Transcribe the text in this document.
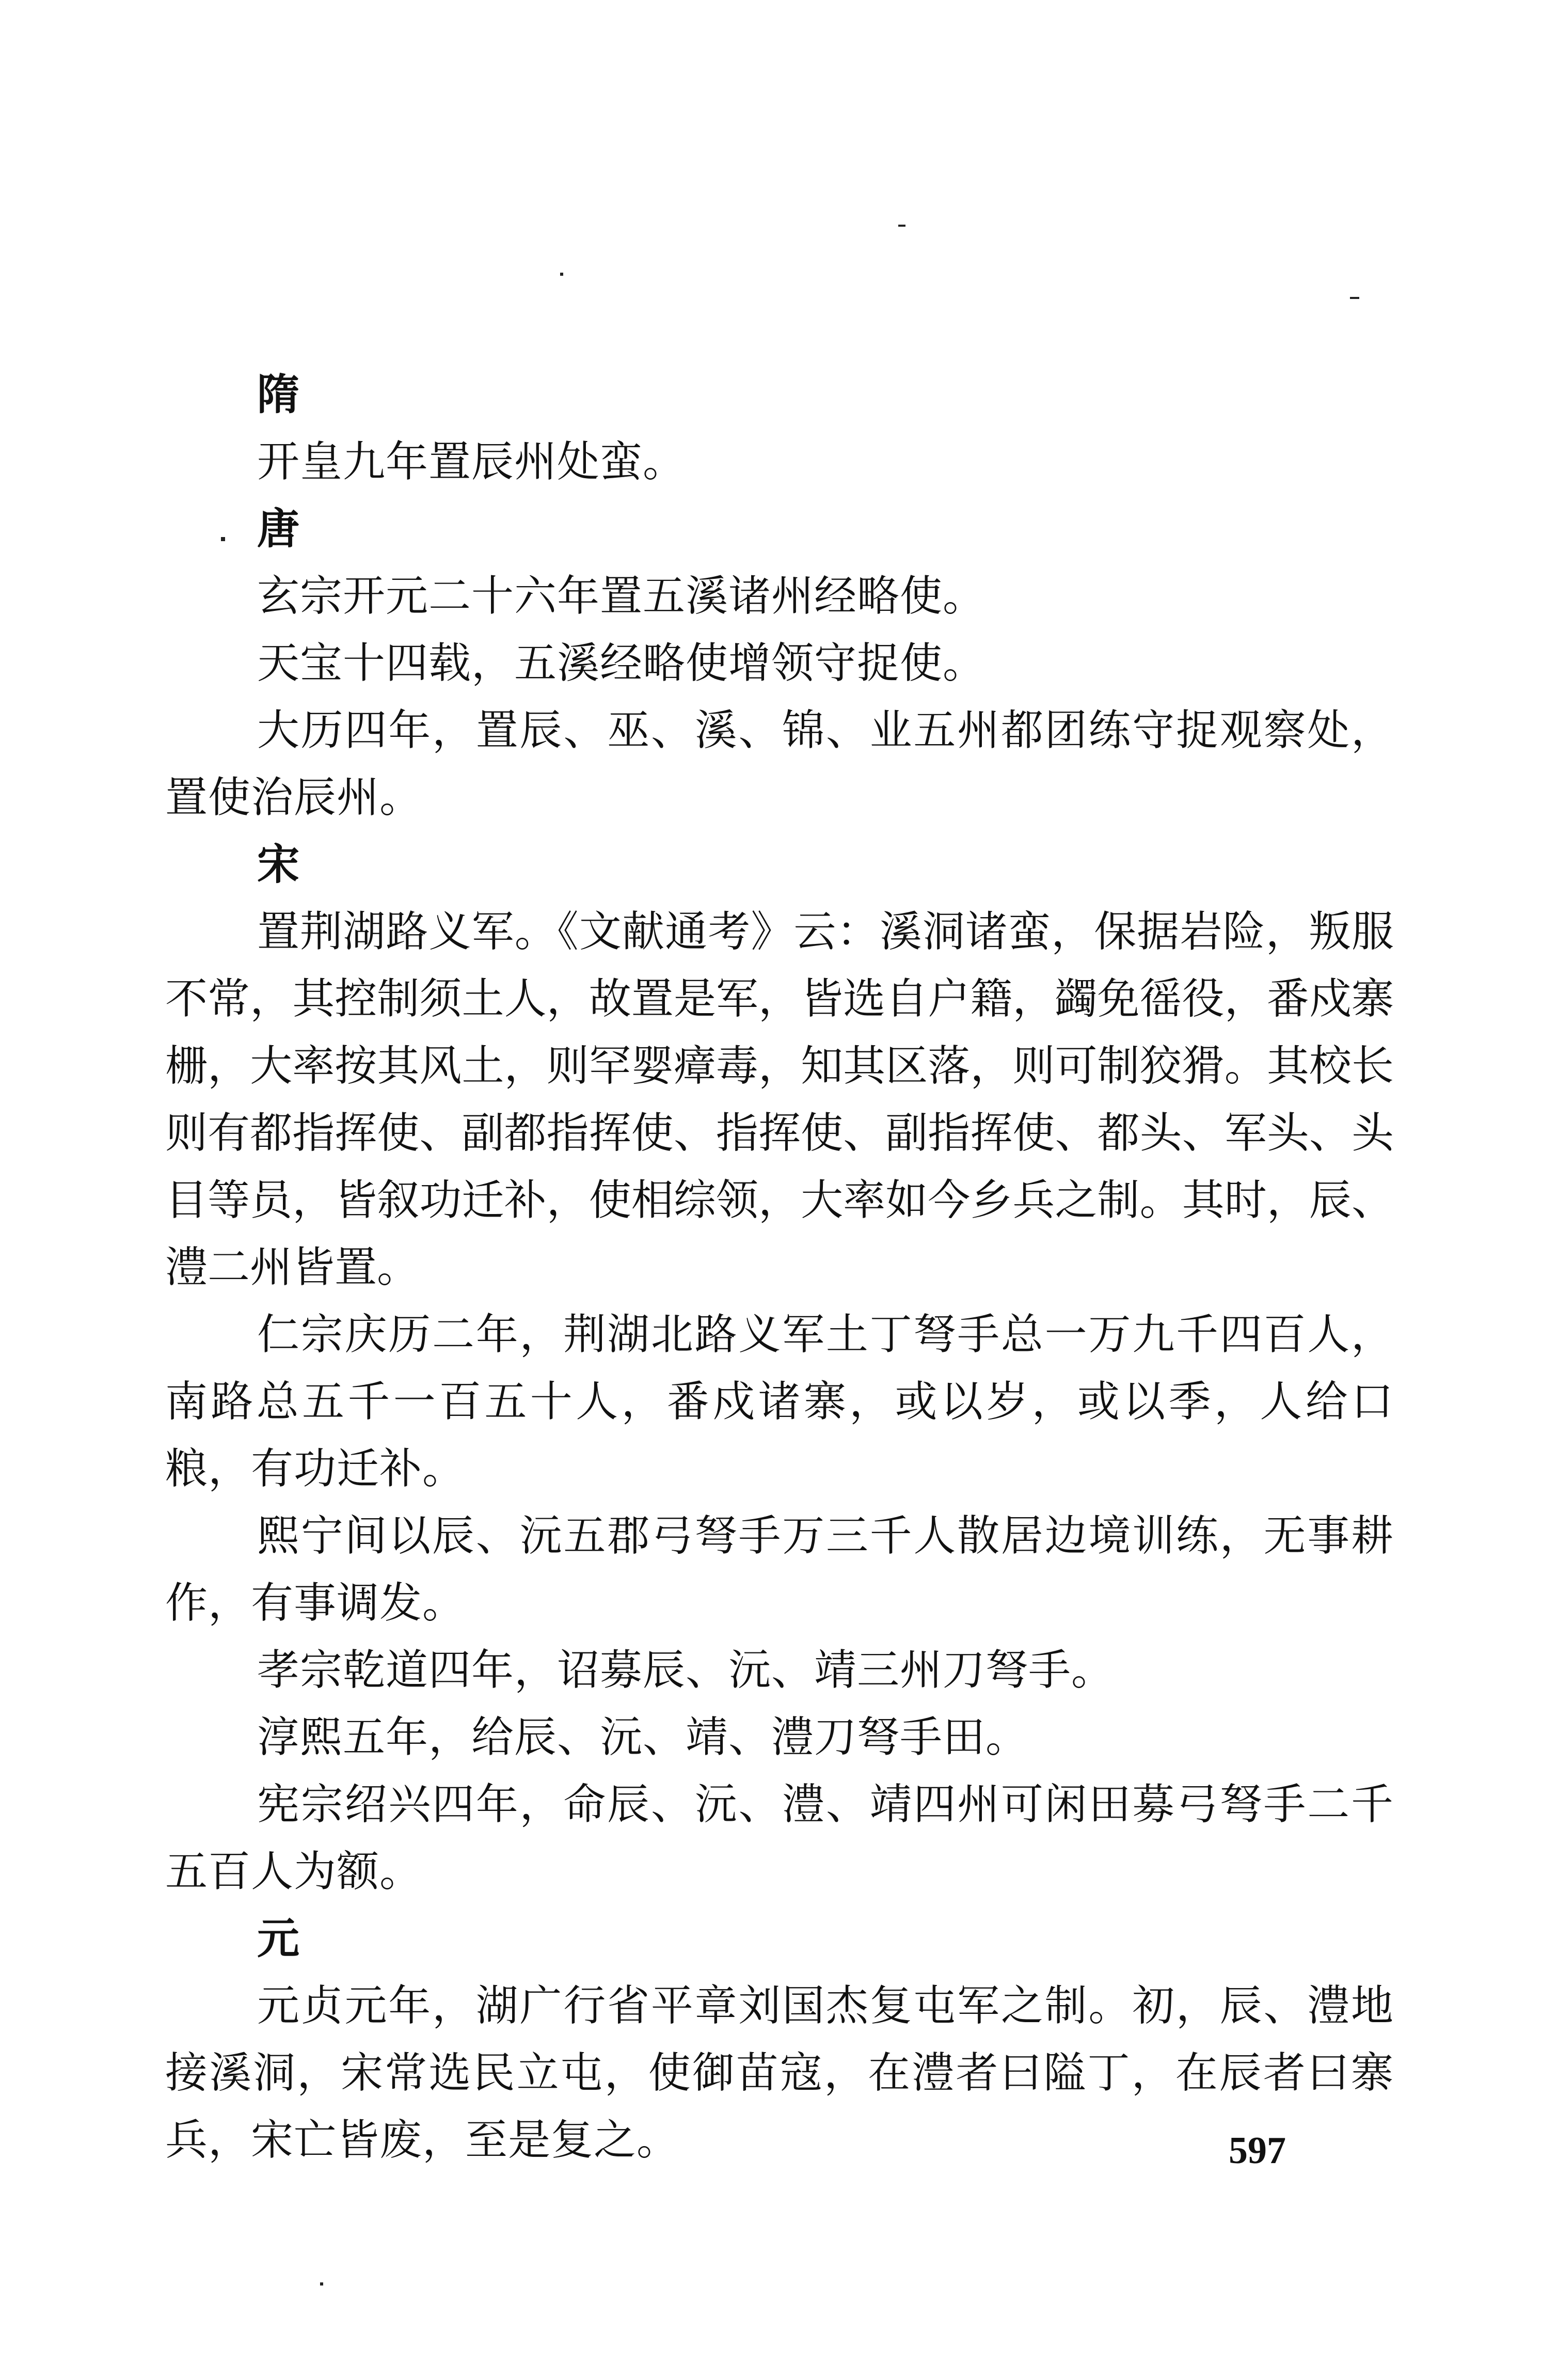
隋

开皇九年置辰州处蛮。

唐

玄宗开元二十六年置五溪诸州经略使。

天宝十四载，五溪经略使增领守捉使。

大历四年，置辰、巫、溪、锦、业五州都团练守捉观察处，置使治辰州。

宋

置荆湖路义军。《文献通考》云：溪洞诸蛮，保据岩险，叛服不常，其控制须土人，故置是军，皆选自户籍，蠲免徭役，番戍寨栅，大率按其风土，则罕婴瘴毒，知其区落，则可制狡猾。其校长则有都指挥使、副都指挥使、指挥使、副指挥使、都头、军头、头目等员，皆叙功迁补，使相综领，大率如今乡兵之制。其时，辰、澧二州皆置。

仁宗庆历二年，荆湖北路义军土丁弩手总一万九千四百人，南路总五千一百五十人，番戍诸寨，或以岁，或以季，人给口粮，有功迁补。

熙宁间以辰、沅五郡弓弩手万三千人散居边境训练，无事耕作，有事调发。

孝宗乾道四年，诏募辰、沅、靖三州刀弩手。

淳熙五年，给辰、沅、靖、澧刀弩手田。

宪宗绍兴四年，命辰、沅、澧、靖四州可闲田募弓弩手二千五百人为额。

元

元贞元年，湖广行省平章刘国杰复屯军之制。初，辰、澧地接溪洞，宋常选民立屯，使御苗寇，在澧者曰隘丁，在辰者曰寨兵，宋亡皆废，至是复之。	597
